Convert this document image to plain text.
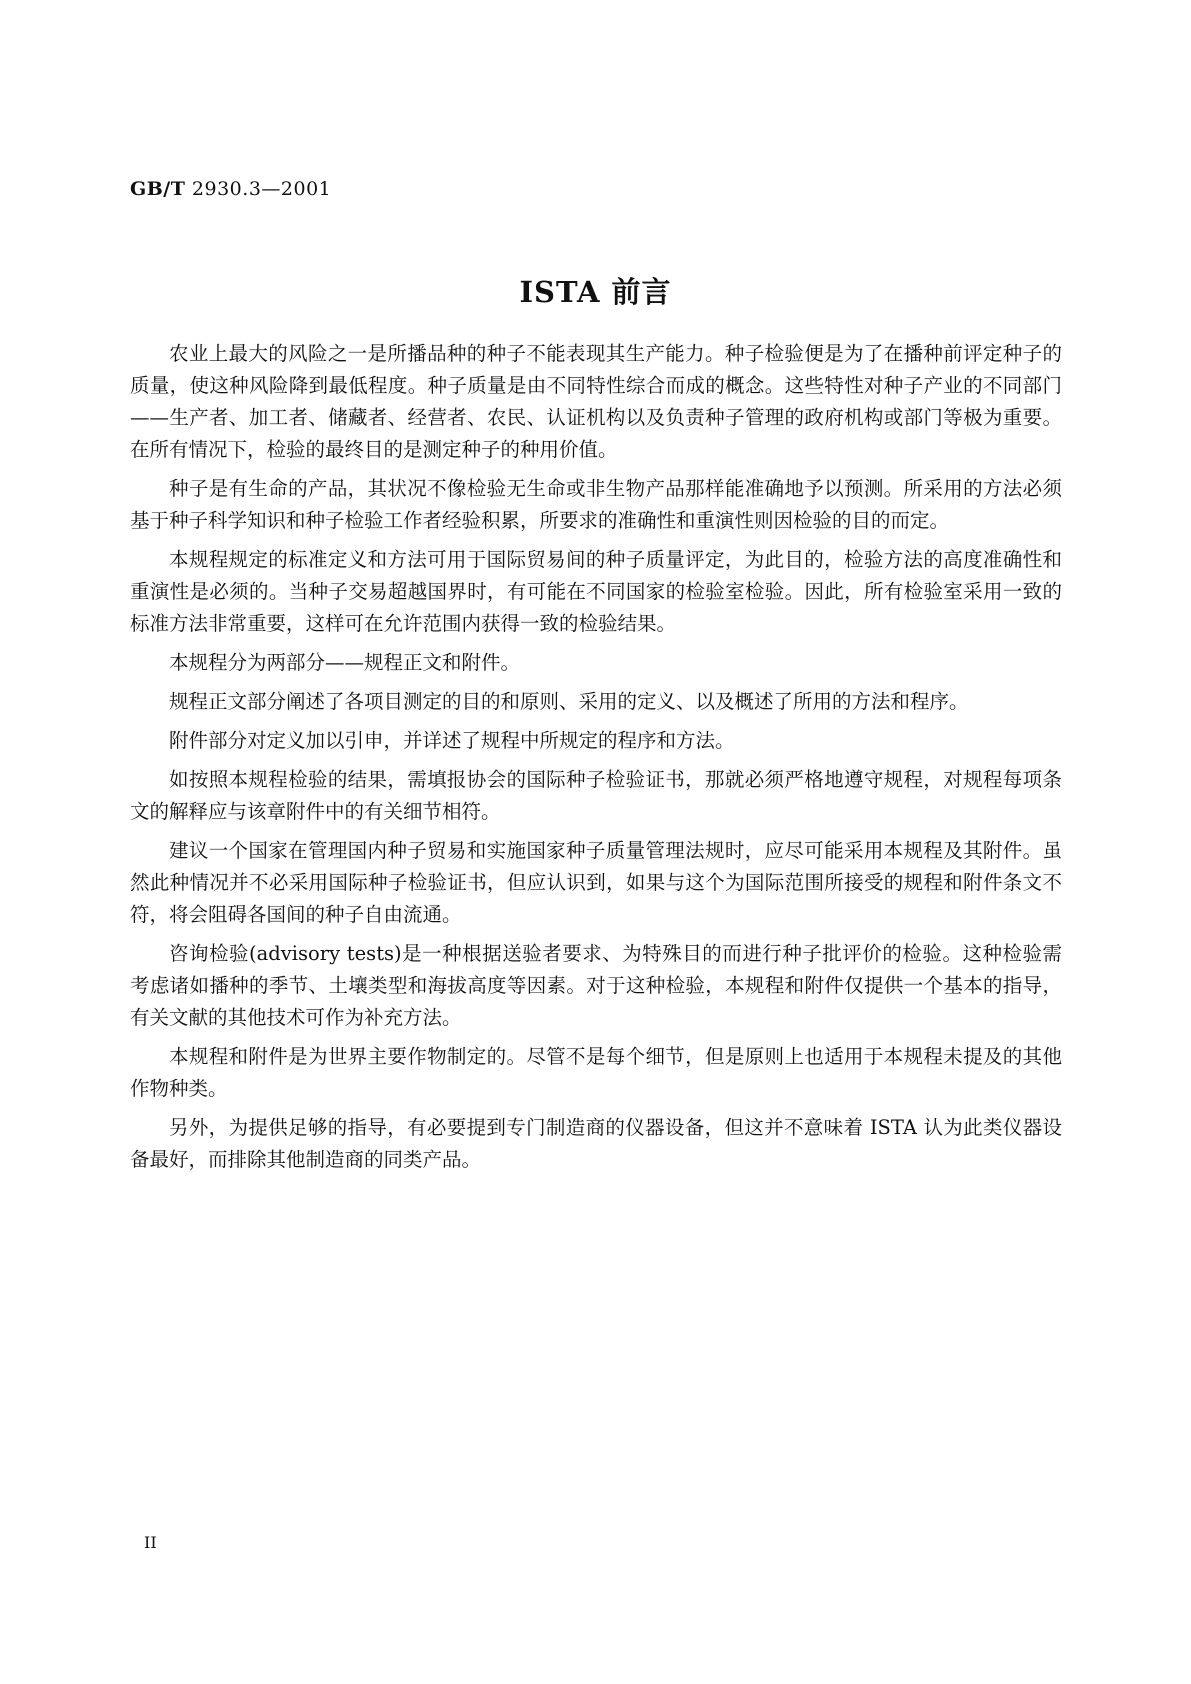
GB/T 2930.3—2001
ISTA 前言

农业上最大的风险之一是所播品种的种子不能表现其生产能力。种子检验便是为了在播种前评定种子的质量，使这种风险降到最低程度。种子质量是由不同特性综合而成的概念。这些特性对种子产业的不同部门——生产者、加工者、储藏者、经营者、农民、认证机构以及负责种子管理的政府机构或部门等极为重要。在所有情况下，检验的最终目的是测定种子的种用价值。

种子是有生命的产品，其状况不像检验无生命或非生物产品那样能准确地予以预测。所采用的方法必须基于种子科学知识和种子检验工作者经验积累，所要求的准确性和重演性则因检验的目的而定。

本规程规定的标准定义和方法可用于国际贸易间的种子质量评定，为此目的，检验方法的高度准确性和重演性是必须的。当种子交易超越国界时，有可能在不同国家的检验室检验。因此，所有检验室采用一致的标准方法非常重要，这样可在允许范围内获得一致的检验结果。

本规程分为两部分——规程正文和附件。

规程正文部分阐述了各项目测定的目的和原则、采用的定义、以及概述了所用的方法和程序。

附件部分对定义加以引申，并详述了规程中所规定的程序和方法。

如按照本规程检验的结果，需填报协会的国际种子检验证书，那就必须严格地遵守规程，对规程每项条文的解释应与该章附件中的有关细节相符。

建议一个国家在管理国内种子贸易和实施国家种子质量管理法规时，应尽可能采用本规程及其附件。虽然此种情况并不必采用国际种子检验证书，但应认识到，如果与这个为国际范围所接受的规程和附件条文不符，将会阻碍各国间的种子自由流通。

咨询检验(advisory tests)是一种根据送验者要求、为特殊目的而进行种子批评价的检验。这种检验需考虑诸如播种的季节、土壤类型和海拔高度等因素。对于这种检验，本规程和附件仅提供一个基本的指导，有关文献的其他技术可作为补充方法。

本规程和附件是为世界主要作物制定的。尽管不是每个细节，但是原则上也适用于本规程未提及的其他作物种类。

另外，为提供足够的指导，有必要提到专门制造商的仪器设备，但这并不意味着 ISTA 认为此类仪器设备最好，而排除其他制造商的同类产品。

II
